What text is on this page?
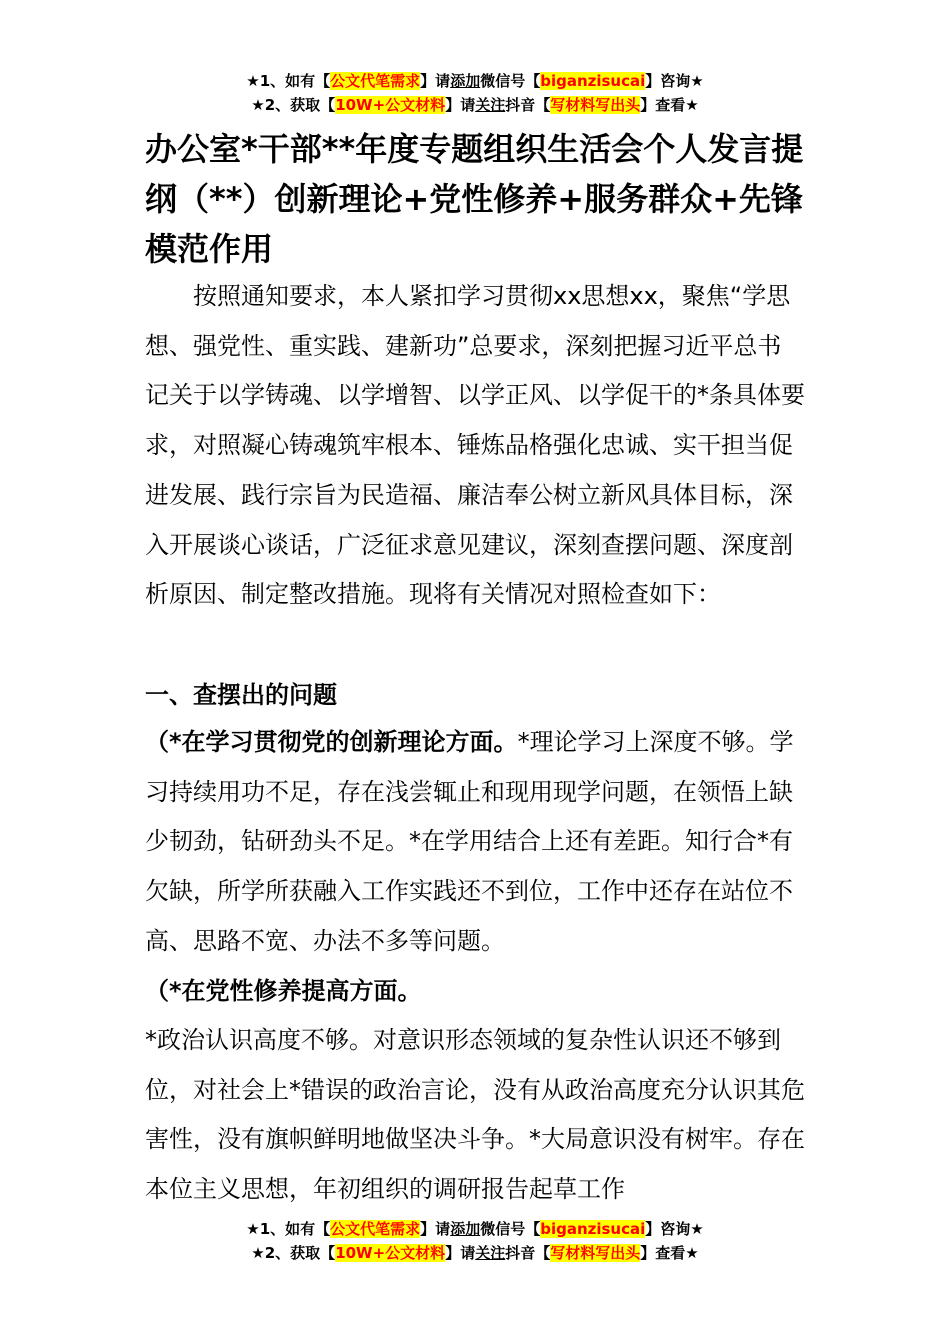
★1、如有【公文代笔需求】请添加微信号【biganzisucai】咨询★
★2、获取【10W+公文材料】请关注抖音【写材料写出头】查看★
办公室*干部**年度专题组织生活会个人发言提纲（**）创新理论+党性修养+服务群众+先锋模范作用

按照通知要求，本人紧扣学习贯彻xx思想xx，聚焦“学思想、强党性、重实践、建新功”总要求，深刻把握习近平总书记关于以学铸魂、以学增智、以学正风、以学促干的*条具体要求，对照凝心铸魂筑牢根本、锤炼品格强化忠诚、实干担当促进发展、践行宗旨为民造福、廉洁奉公树立新风具体目标，深入开展谈心谈话，广泛征求意见建议，深刻查摆问题、深度剖析原因、制定整改措施。现将有关情况对照检查如下：

一、查摆出的问题

（*在学习贯彻党的创新理论方面。*理论学习上深度不够。学习持续用功不足，存在浅尝辄止和现用现学问题，在领悟上缺少韧劲，钻研劲头不足。*在学用结合上还有差距。知行合*有欠缺，所学所获融入工作实践还不到位，工作中还存在站位不高、思路不宽、办法不多等问题。

（*在党性修养提高方面。

*政治认识高度不够。对意识形态领域的复杂性认识还不够到位，对社会上*错误的政治言论，没有从政治高度充分认识其危害性，没有旗帜鲜明地做坚决斗争。*大局意识没有树牢。存在本位主义思想，年初组织的调研报告起草工作

★1、如有【公文代笔需求】请添加微信号【biganzisucai】咨询★
★2、获取【10W+公文材料】请关注抖音【写材料写出头】查看★
